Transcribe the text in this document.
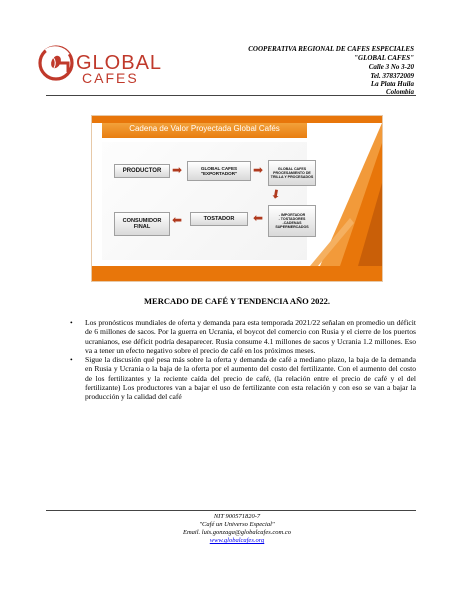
GLOBAL
CAFES
COOPERATIVA REGIONAL DE CAFES ESPECIALES
"GLOBAL CAFES"
Calle 3 No 3-20
Tel. 378372009
La Plata Huila
Colombia
Cadena de Valor Proyectada Global Cafés
PRODUCTOR ➡	GLOBAL CAFES
"EXPORTADOR" ➡	GLOBAL CAFES
PROCESAMIENTO DE
TRILLA Y PROCESADOS
➡
- IMPORTADOR
- TOSTADORES
-CADENAS
SUPERMERCADOS
⬅
TOSTADOR
⬅
CONSUMIDOR
FINAL
MERCADO DE CAFÉ Y TENDENCIA AÑO 2022.
• Los pronósticos mundiales de oferta y demanda para esta temporada 2021/22 señalan en promedio un déficit de 6 millones de sacos. Por la guerra en Ucrania, el boycot del comercio con Rusia y el cierre de los puertos ucranianos, ese déficit podría desaparecer. Rusia consume 4.1 millones de sacos y Ucrania 1.2 millones. Eso va a tener un efecto negativo sobre el precio de café en los próximos meses.
• Sigue la discusión qué pesa más sobre la oferta y demanda de café a mediano plazo, la baja de la demanda en Rusia y Ucrania o la baja de la oferta por el aumento del costo del fertilizante. Con el aumento del costo de los fertilizantes y la reciente caída del precio de café, (la relación entre el precio de café y el del fertilizante) Los productores van a bajar el uso de fertilizante con esta relación y con eso se van a bajar la producción y la calidad del café
NIT 900571820-7
"Café un Universo Especial"
Email. luis.gonzaga@globalcafes.com.co
www.globalcafes.org
